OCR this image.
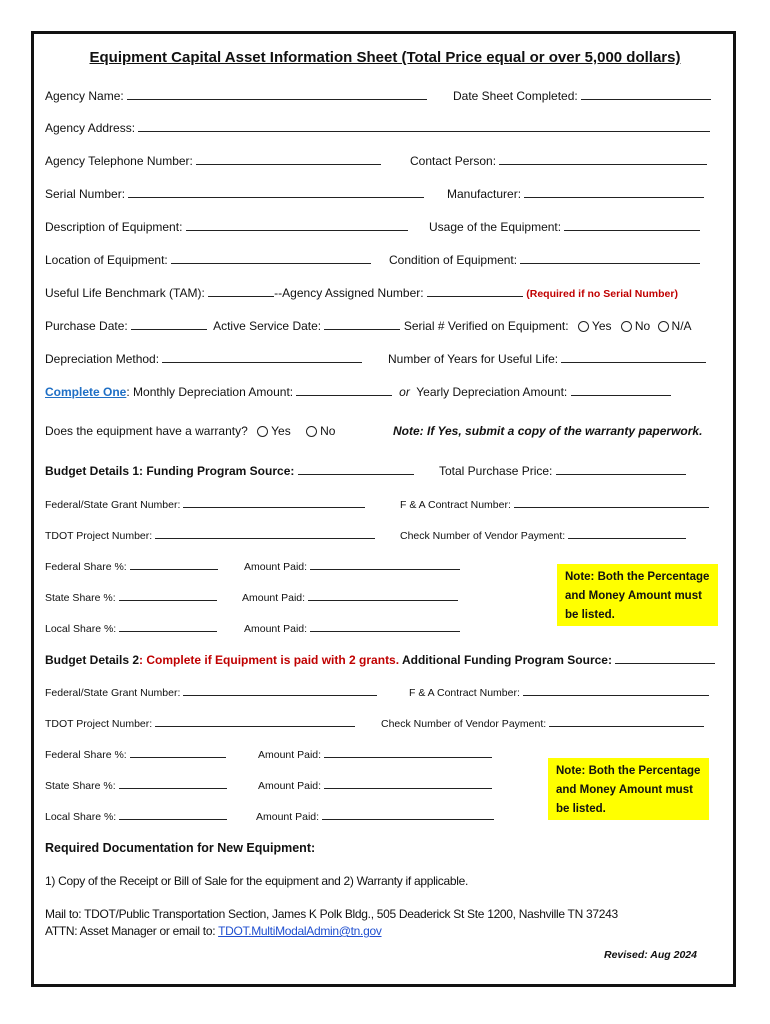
Equipment Capital Asset Information Sheet (Total Price equal or over 5,000 dollars)
Agency Name:	Date Sheet Completed:
Agency Address:
Agency Telephone Number:	Contact Person:
Serial Number:	Manufacturer:
Description of Equipment:	Usage of the Equipment:
Location of Equipment:	Condition of Equipment:
Useful Life Benchmark (TAM):	--Agency Assigned Number:	(Required if no Serial Number)
Purchase Date:	Active Service Date:	Serial # Verified on Equipment: Yes No N/A
Depreciation Method:	Number of Years for Useful Life:
Complete One: Monthly Depreciation Amount:	or Yearly Depreciation Amount:
Does the equipment have a warranty? Yes No	Note: If Yes, submit a copy of the warranty paperwork.
Budget Details 1: Funding Program Source:	Total Purchase Price:
Federal/State Grant Number:	F & A Contract Number:
TDOT Project Number:	Check Number of Vendor Payment:
Federal Share %:	Amount Paid:
State Share %:	Amount Paid:
Local Share %:	Amount Paid:
Note: Both the Percentage and Money Amount must be listed.
Budget Details 2: Complete if Equipment is paid with 2 grants. Additional Funding Program Source:
Federal/State Grant Number:	F & A Contract Number:
TDOT Project Number:	Check Number of Vendor Payment:
Federal Share %:	Amount Paid:
State Share %:	Amount Paid:
Local Share %:	Amount Paid:
Note: Both the Percentage and Money Amount must be listed.
Required Documentation for New Equipment:
1) Copy of the Receipt or Bill of Sale for the equipment and 2) Warranty if applicable.
Mail to: TDOT/Public Transportation Section, James K Polk Bldg., 505 Deaderick St Ste 1200, Nashville TN 37243
ATTN: Asset Manager or email to: TDOT.MultiModalAdmin@tn.gov
Revised: Aug 2024
